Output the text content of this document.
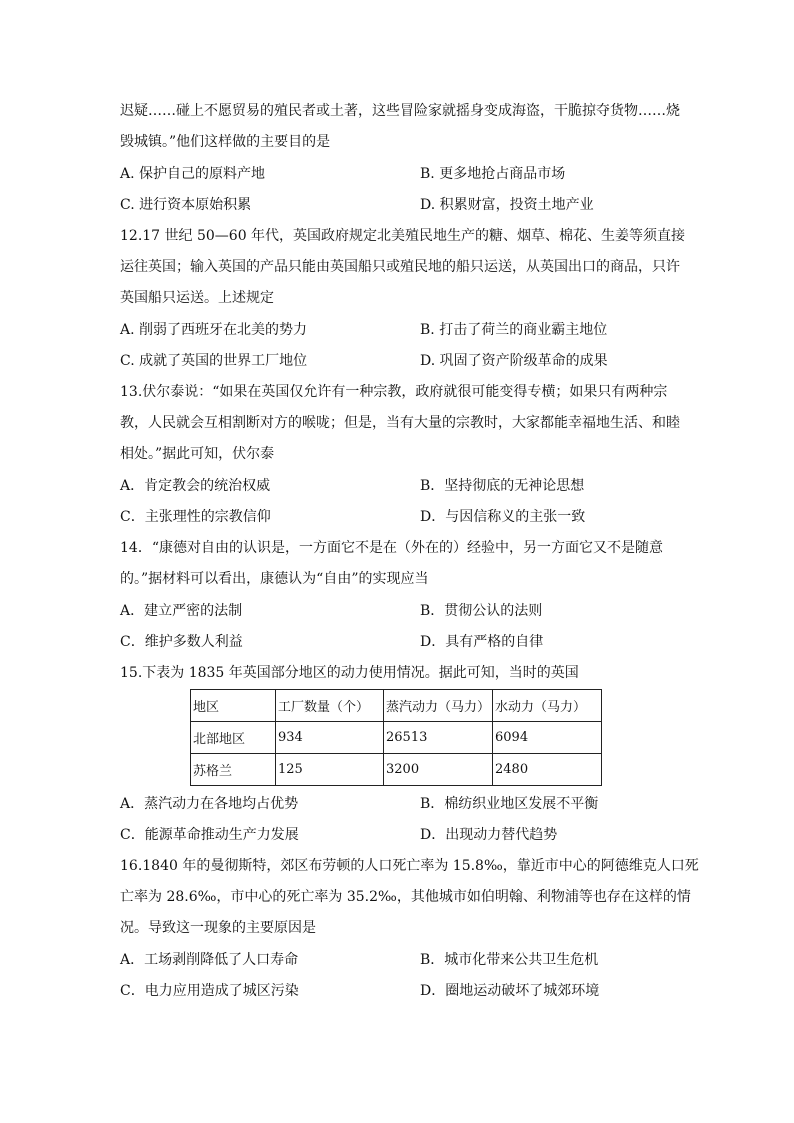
迟疑……碰上不愿贸易的殖民者或土著，这些冒险家就摇身变成海盗，干脆掠夺货物……烧
毁城镇。”他们这样做的主要目的是
A. 保护自己的原料产地	B. 更多地抢占商品市场
C. 进行资本原始积累	D. 积累财富，投资土地产业
12.17 世纪 50—60 年代，英国政府规定北美殖民地生产的糖、烟草、棉花、生姜等须直接
运往英国；输入英国的产品只能由英国船只或殖民地的船只运送，从英国出口的商品，只许
英国船只运送。上述规定
A. 削弱了西班牙在北美的势力	B. 打击了荷兰的商业霸主地位
C. 成就了英国的世界工厂地位	D. 巩固了资产阶级革命的成果
13.伏尔泰说：“如果在英国仅允许有一种宗教，政府就很可能变得专横；如果只有两种宗
教，人民就会互相割断对方的喉咙；但是，当有大量的宗教时，大家都能幸福地生活、和睦
相处。”据此可知，伏尔泰
A．肯定教会的统治权威	B．坚持彻底的无神论思想
C．主张理性的宗教信仰	D．与因信称义的主张一致
14．“康德对自由的认识是，一方面它不是在（外在的）经验中，另一方面它又不是随意
的。”据材料可以看出，康德认为“自由”的实现应当
A．建立严密的法制	B．贯彻公认的法则
C．维护多数人利益	D．具有严格的自律
15.下表为 1835 年英国部分地区的动力使用情况。据此可知，当时的英国
地区	工厂数量（个）	蒸汽动力（马力）	水动力（马力）
北部地区	934	26513	6094
苏格兰	125	3200	2480
A．蒸汽动力在各地均占优势	B．棉纺织业地区发展不平衡
C．能源革命推动生产力发展	D．出现动力替代趋势
16.1840 年的曼彻斯特，郊区布劳顿的人口死亡率为 15.8‰，靠近市中心的阿德维克人口死
亡率为 28.6‰，市中心的死亡率为 35.2‰，其他城市如伯明翰、利物浦等也存在这样的情
况。导致这一现象的主要原因是
A．工场剥削降低了人口寿命	B．城市化带来公共卫生危机
C．电力应用造成了城区污染	D．圈地运动破坏了城郊环境
